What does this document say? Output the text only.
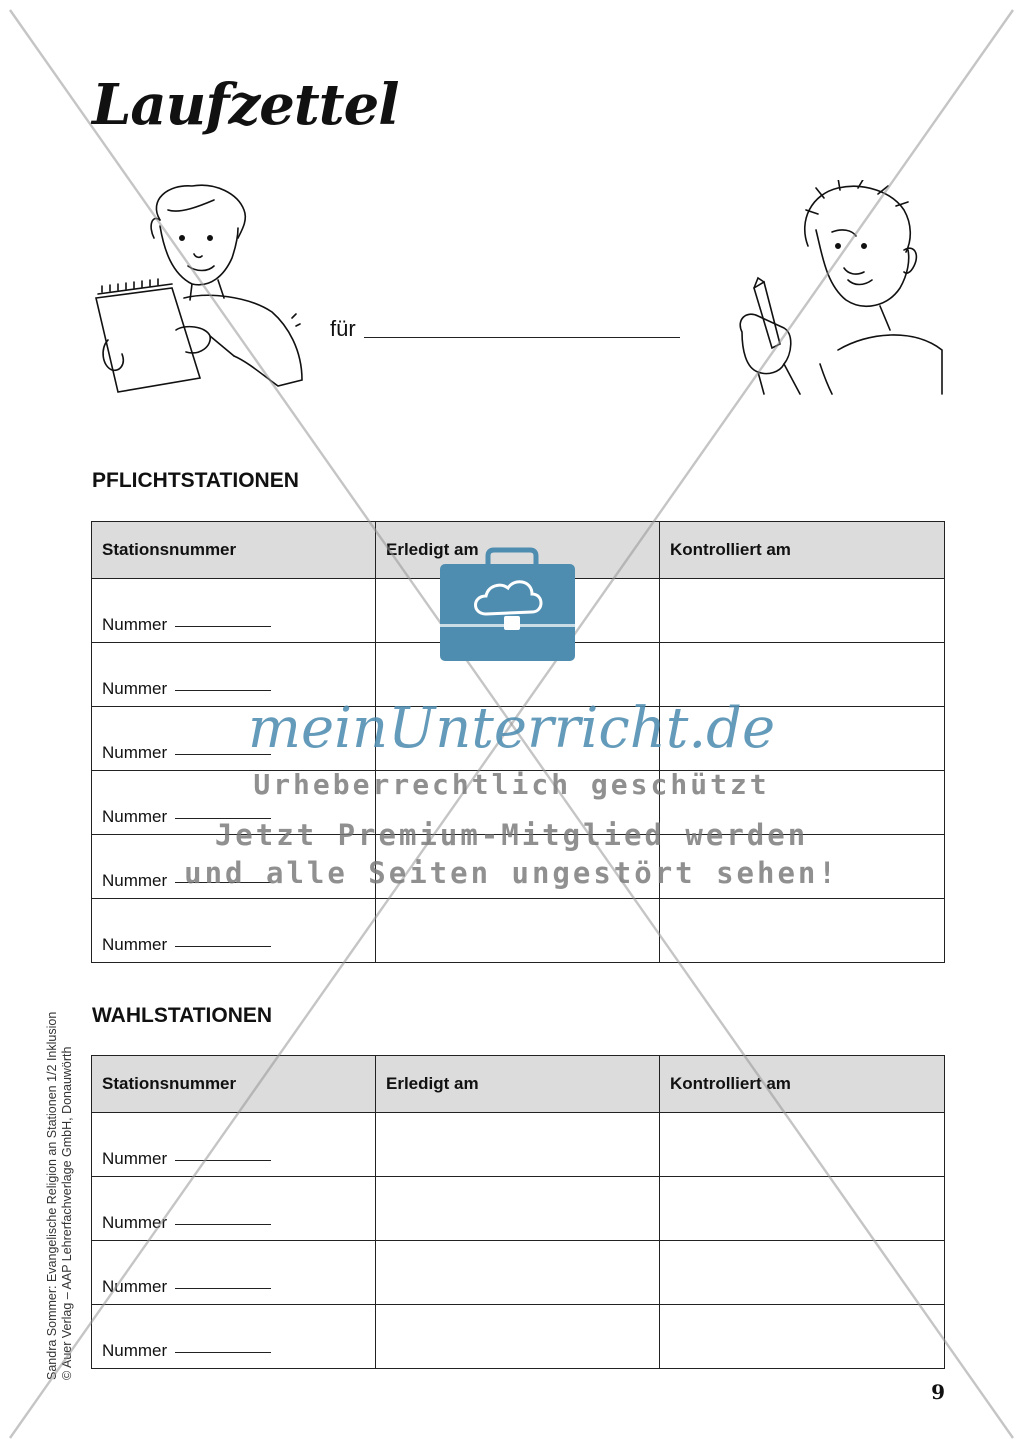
Laufzettel
für
PFLICHTSTATIONEN
Stationsnummer	Erledigt am	Kontrolliert am
Nummer		
Nummer		
Nummer		
Nummer		
Nummer		
Nummer		
WAHLSTATIONEN
Stationsnummer	Erledigt am	Kontrolliert am
Nummer		
Nummer		
Nummer		
Nummer		
Sandra Sommer: Evangelische Religion an Stationen 1/2 Inklusion © Auer Verlag – AAP Lehrerfachverlage GmbH, Donauwörth
9
meinUnterricht.de
Urheberrechtlich geschützt
Jetzt Premium-Mitglied werden
und alle Seiten ungestört sehen!
